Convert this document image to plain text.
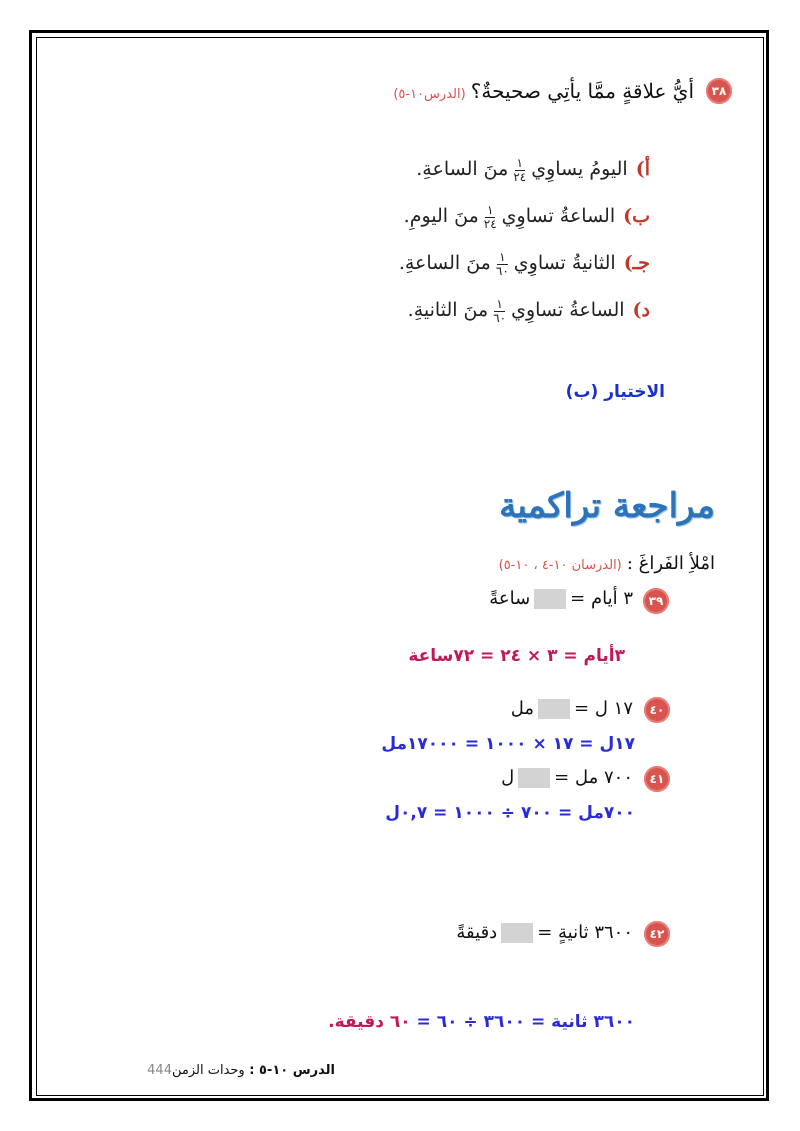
٣٨
أيُّ علاقةٍ ممَّا يأتِي صحيحةٌ؟ (الدرس١٠-٥)
أ)اليومُ يساوِي
$\frac{١}{٢٤}$
منَ الساعةِ.
ب)الساعةُ تساوِي
$\frac{١}{٢٤}$
منَ اليومِ.
جـ)الثانيةُ تساوِي
$\frac{١}{٦٠}$
منَ الساعةِ.
د)الساعةُ تساوِي
$\frac{١}{٦٠}$
منَ الثانيةِ.
الاختيار (ب)
مراجعة تراكمية
امْلأِ الفَراغَ : (الدرسان ١٠-٤ ، ١٠-٥)
٣٩
٣ أيام =ساعةً
٣أيام = ٣ × ٢٤ = ٧٢ساعة
٤٠
١٧ ل =مل
١٧ل = ١٧ × ١٠٠٠ = ١٧٠٠٠مل
٤١
٧٠٠ مل =ل
٧٠٠مل = ٧٠٠ ÷ ١٠٠٠ = ٠,٧ل
٤٢
٣٦٠٠ ثانيةٍ =دقيقةً
٣٦٠٠ ثانية = ٣٦٠٠ ÷ ٦٠ = ٦٠ دقيقة.
الدرس ١٠-٥ : وحدات الزمن444
